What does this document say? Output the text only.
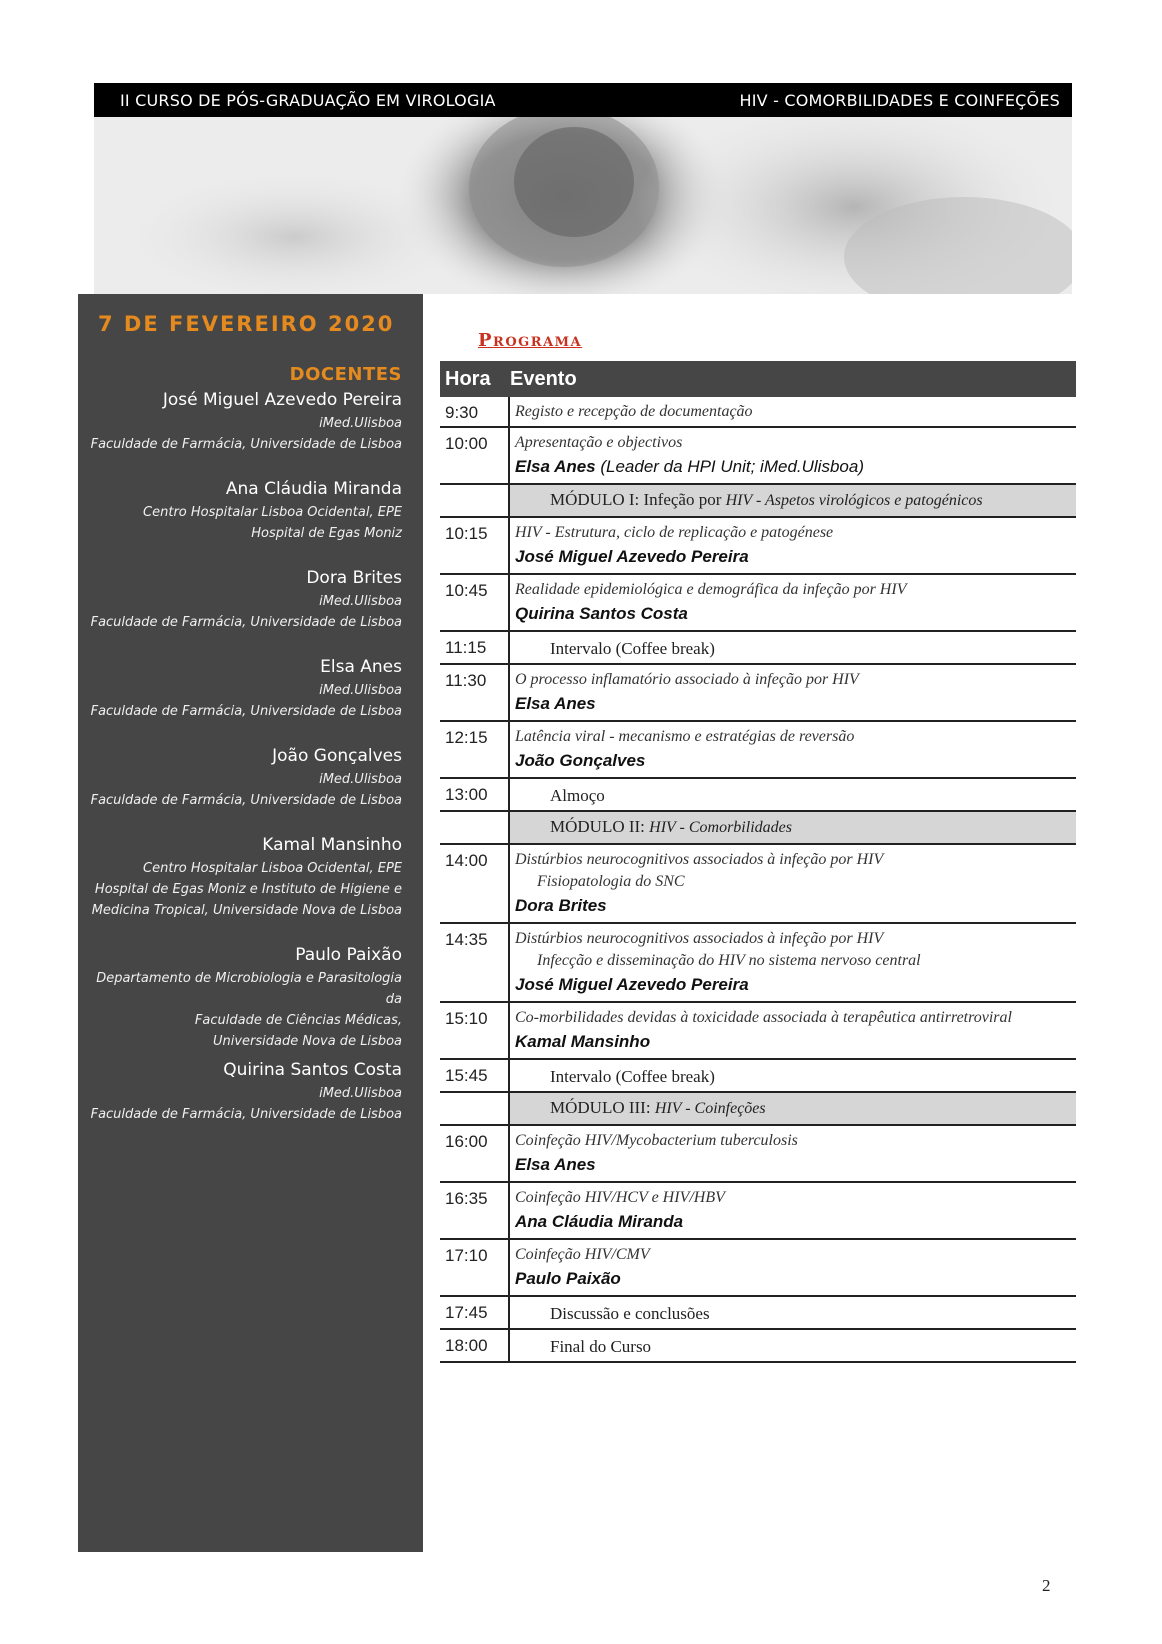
II CURSO DE PÓS-GRADUAÇÃO EM VIROLOGIA	HIV - COMORBILIDADES E COINFEÇÕES
7 DE FEVEREIRO 2020
DOCENTES
José Miguel Azevedo Pereira
iMed.Ulisboa
Faculdade de Farmácia, Universidade de Lisboa
Ana Cláudia Miranda
Centro Hospitalar Lisboa Ocidental, EPE
Hospital de Egas Moniz
Dora Brites
iMed.Ulisboa
Faculdade de Farmácia, Universidade de Lisboa
Elsa Anes
iMed.Ulisboa
Faculdade de Farmácia, Universidade de Lisboa
João Gonçalves
iMed.Ulisboa
Faculdade de Farmácia, Universidade de Lisboa
Kamal Mansinho
Centro Hospitalar Lisboa Ocidental, EPE
Hospital de Egas Moniz e Instituto de Higiene e
Medicina Tropical, Universidade Nova de Lisboa
Paulo Paixão
Departamento de Microbiologia e Parasitologia da
Faculdade de Ciências Médicas,
Universidade Nova de Lisboa
Quirina Santos Costa
iMed.Ulisboa
Faculdade de Farmácia, Universidade de Lisboa
Programa
Hora Evento
9:30	Registo e recepção de documentação
10:00	Apresentação e objectivos
Elsa Anes (Leader da HPI Unit; iMed.Ulisboa)
MÓDULO I: Infeção por HIV - Aspetos virológicos e patogénicos
10:15	HIV - Estrutura, ciclo de replicação e patogénese
José Miguel Azevedo Pereira
10:45	Realidade epidemiológica e demográfica da infeção por HIV
Quirina Santos Costa
11:15	Intervalo (Coffee break)
11:30	O processo inflamatório associado à infeção por HIV
Elsa Anes
12:15	Latência viral - mecanismo e estratégias de reversão
João Gonçalves
13:00	Almoço
MÓDULO II: HIV - Comorbilidades
14:00	Distúrbios neurocognitivos associados à infeção por HIV
Fisiopatologia do SNC
Dora Brites
14:35	Distúrbios neurocognitivos associados à infeção por HIV
Infecção e disseminação do HIV no sistema nervoso central
José Miguel Azevedo Pereira
15:10	Co-morbilidades devidas à toxicidade associada à terapêutica antirretroviral
Kamal Mansinho
15:45	Intervalo (Coffee break)
MÓDULO III: HIV - Coinfeções
16:00	Coinfeção HIV/Mycobacterium tuberculosis
Elsa Anes
16:35	Coinfeção HIV/HCV e HIV/HBV
Ana Cláudia Miranda
17:10	Coinfeção HIV/CMV
Paulo Paixão
17:45	Discussão e conclusões
18:00	Final do Curso
2
